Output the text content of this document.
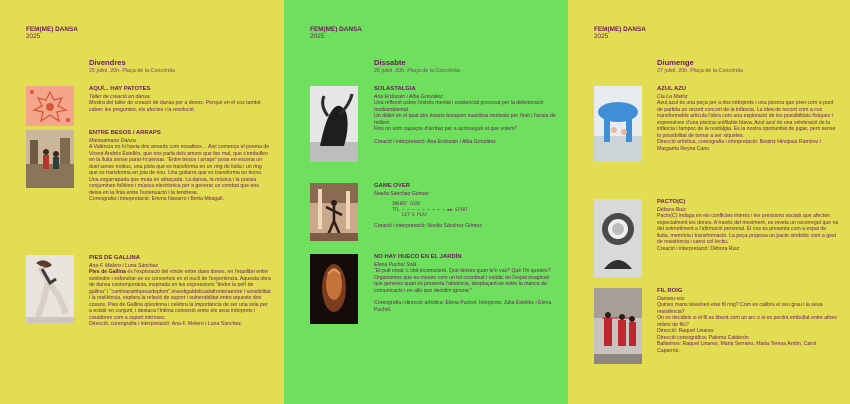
FEM(ME) DANSA
2025
Divendres
25 juliol, 20h. Plaça de la Concòrdia
AQUÍ... HAY PATOTES
Taller de creació en dansa
Mostra del taller de creació de dansa per a dones. Perquè en el cos també caben les preguntes, els afectes i la revolució.
ENTRE BESOS / ARRAPS
Mamoamano Danza
A València no hi havia dos amants com nosaltres… Així comença el poema de Vicent Andrés Estellés, que ens parla dels amors que fan mal, que s'embullen en la lluita sense parar-hi pensar. “Entre besos i arraps” posa en escena un duel sense motius, una pista que es transforma en un ring de lluita i un ring que es transforma en jota de nou. Una guitarra que es transforma en tecno. Una esgarrapada que muta en abraçada. La dansa, la música i la poesia conjuminen folklore i música electrònica per a generar un combat que ens deixa en la línia entre l'extenuació i la tendresa.
Coreografia i interpretació: Emma Navarro i Berta Miragall.
PIES DE GALLINA
Ana F. Melero i Luna Sánchez
Pies de Gallina és l'exploració del vincle entre dues dones, en l'equilibri entre sostindre i esfondrar-se es converteix en el nucli de l'experiència. Aquesta obra de dansa contemporània, inspirada en les expressions “tindre la peŀl de gallina” i “caminarambpeusdeplom”,investigatdelicadafronteraentre l sensibilitat i la resiliència, explora la relació de suport i vulnerabilitat entre aquests dos cossos. Pies de Gallina qüestiona i celebra la importància de ser una sola per a existir en conjunt, i destaca l'íntima connexió entre els seus intèrprets i creadores com a suport intrínsec.
Direcció, coreografia i interpretació: Ana F. Melero i Luna Sánchez.
FEM(ME) DANSA
2025
Dissabte
26 juliol, 20h. Plaça de la Concòrdia
SOLASTALGIA
Ana Erdozain i Alba González
Una reflexió sobre l'estrès mental i existencial provocat per la deterioració mediambiental.
Un diàlet en el qual dos éssers busquen suavitzar motivats per l'èxit i l'ansia de milloro.
Fins on som capaços d'arribar per a aconseguir el que volem?
Creació i interpretació: Ana Erdozain i Alba González
GAME OVER
Noelia Sánchez Gómez
INSERT COIN
TTL ← ← ← ← ← ← ← ← ← ▶▶ START
LET'S PLAY
Creació i interpretació: Noelia Sánchez Gómez
NO HAY HUECO EN EL JARDÍN
Elena Puchol Solà
“Et puit creat. L'obit inconscient. Què deixes quan te'n vas? Què t'hi quedes? Organismes que es mouen com un tot coordinat i estàtic en l'espai imaginari que generes quan es presenta l'absència, desplaçant-se entre la manca de comunicació i en allò que decidim ignorar.”
Coreografia i direcció artística: Elena Puchol. Intèrprets: Júlia Estellés i Elena Puchol.
FEM(ME) DANSA
2025
Diumenge
27 juliol, 20h. Plaça de la Concòrdia
AZUL AZU
Cia La Matriz
Azul azul és una peça per a dos intèrprets i una piscina que pren com a punt de partida un record concret de la infància. La idea de record com a cos transformable articula l'obra com una exploració de les possibilitats físiques i expressives d'una piscina unifilable blava. Azul azul és una celebració de la infància i tampoc de la nostàlgia. És la nostra oportunitat de jugar, però sense la possibilitat de tornar a ser xiquetes.
Direcció artística, coreografia i interpretació: Beatriz Hinojosa Ramírez i Margarita Reyna Cano
PACTO(C)
Débora Ruiz
Pacto(C) indaga en els conflictes interns i les pressions socials que afecten especialment les dones. A través del moviment, es revela un recorregut que va del sotmetiment a l'afirmació personal. El cos es presenta com a espai de lluita, memòria i transformació. La peça proposa un pacte simbòlic com a gest de resistència i canvi col·lectiu.
Creació i interpretació: Débora Ruiz
FIL ROIG
Danseu-vos
Quines mans teixeixen eixe fil roig? Com es calibra el seu grau i la seua resistència?
On es decideix si el fil es tiberà com un arc o si es perdrà embullat entre altres milers de fils?
Direcció: Raquel Linares
Direcció coreogràfica: Paloma Calderón
Ballarines: Raquel Linares, Maria Serrano, Maria Teresa Antón, Carol Caparrós.
